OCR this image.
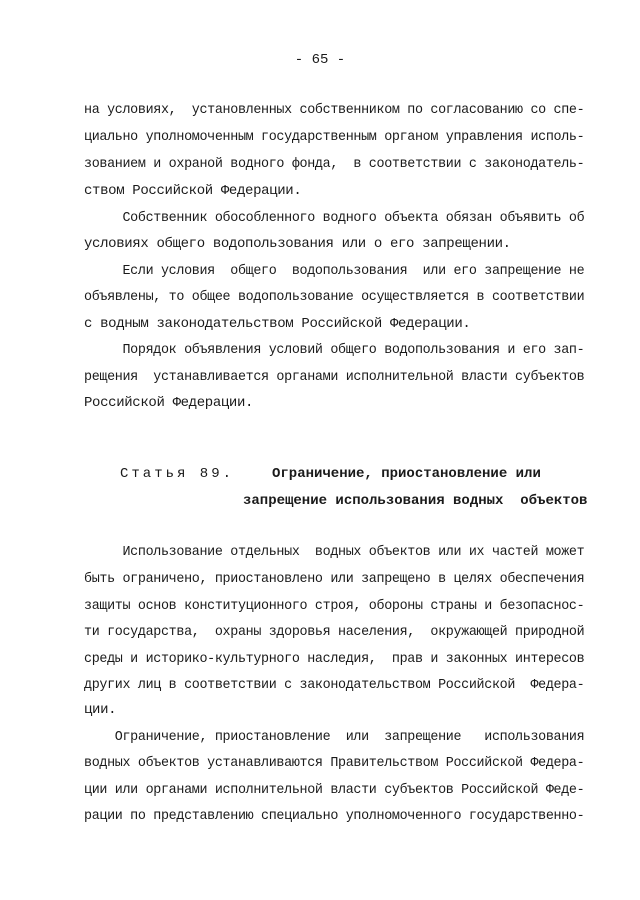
- 65 -
на условиях,  установленных собственником по согласованию со спе-
циально уполномоченным государственным органом управления исполь-
зованием и охраной водного фонда,  в соответствии с законодатель-
ством Российской Федерации.
Собственник обособленного водного объекта обязан объявить об
условиях общего водопользования или о его запрещении.
Если условия  общего  водопользования  или его запрещение не
объявлены, то общее водопользование осуществляется в соответствии
с водным законодательством Российской Федерации.
Порядок объявления условий общего водопользования и его зап-
рещения  устанавливается органами исполнительной власти субъектов
Российской Федерации.
Статья 89.	Ограничение, приостановление или
запрещение использования водных  объектов
Использование отдельных  водных объектов или их частей может
быть ограничено, приостановлено или запрещено в целях обеспечения
защиты основ конституционного строя, обороны страны и безопаснос-
ти государства,  охраны здоровья населения,  окружающей природной
среды и историко-культурного наследия,  прав и законных интересов
других лиц в соответствии с законодательством Российской  Федера-
ции.
Ограничение, приостановление  или  запрещение   использования
водных объектов устанавливаются Правительством Российской Федера-
ции или органами исполнительной власти субъектов Российской Феде-
рации по представлению специально уполномоченного государственно-
